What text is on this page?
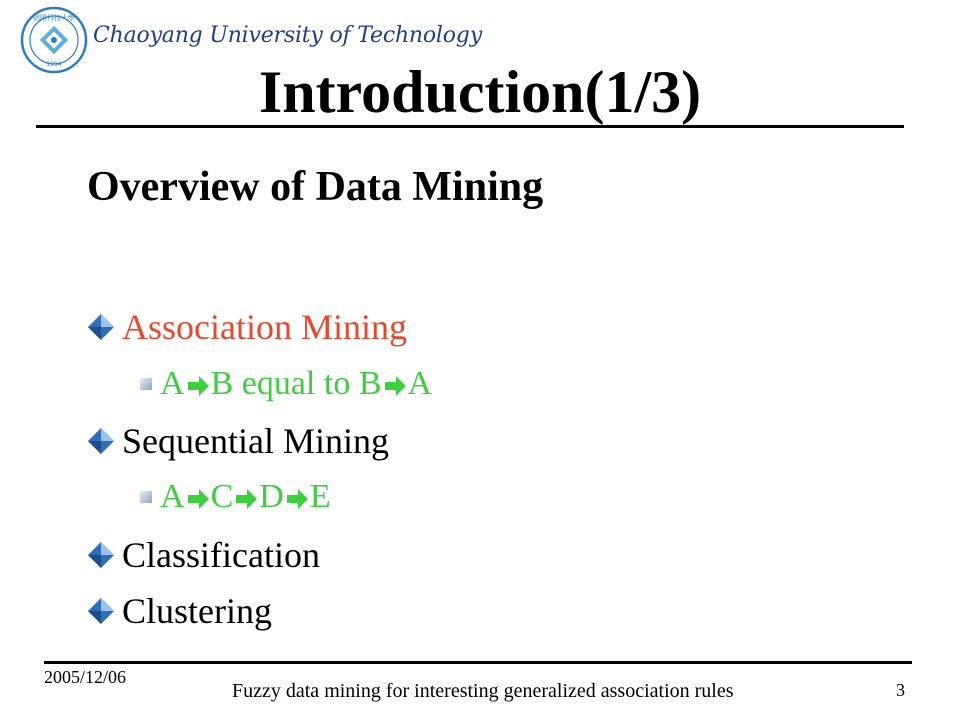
朝陽科技大學
1994
Chaoyang University of Technology
Introduction(1/3)
Overview of Data Mining
Association Mining
A B equal to B A
Sequential Mining
A C D E
Classification
Clustering
2005/12/06
Fuzzy data mining for interesting generalized association rules	3
